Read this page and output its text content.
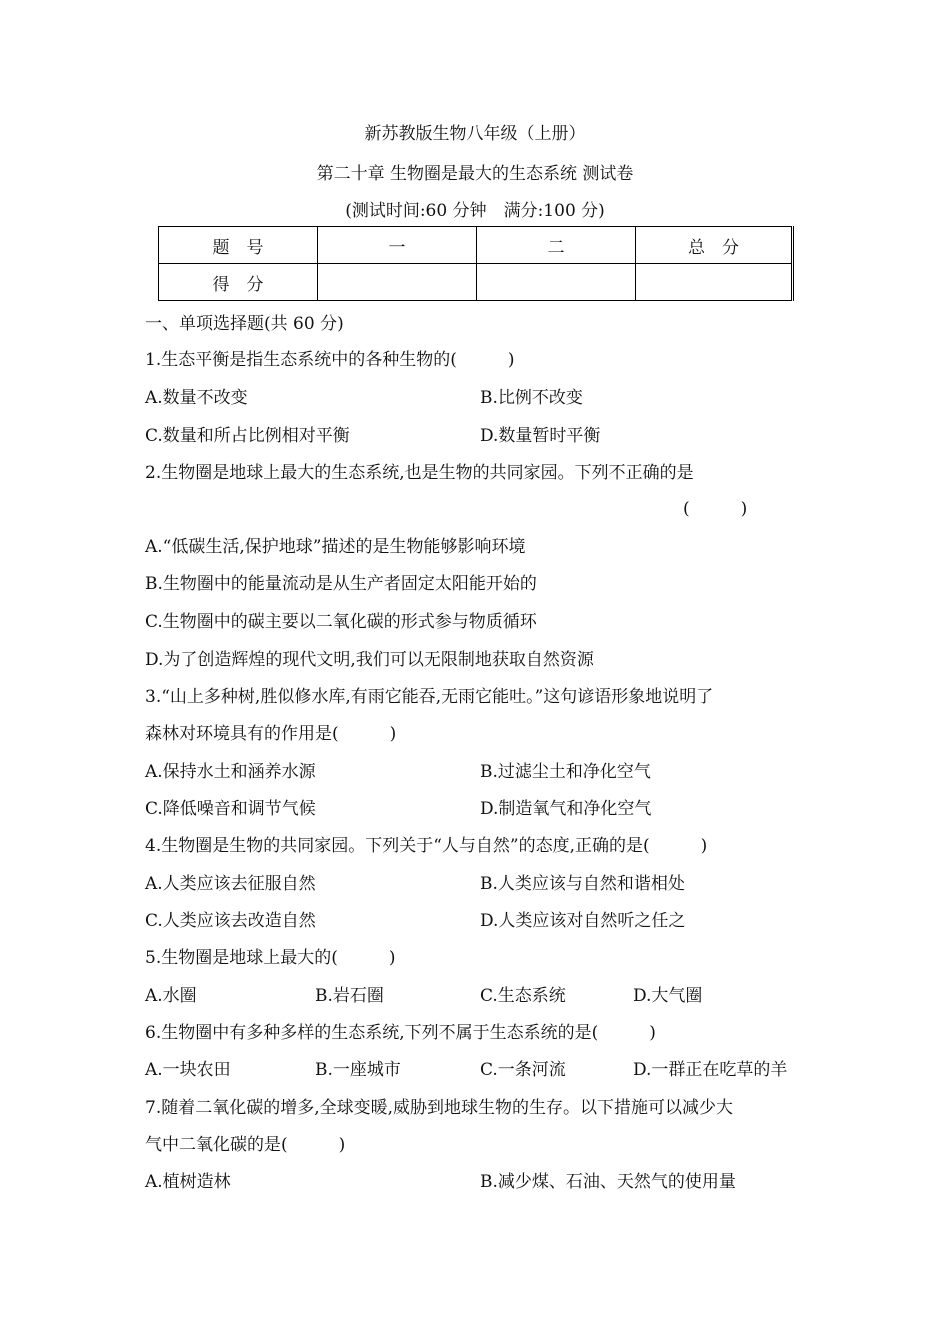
新苏教版生物八年级（上册）
第二十章 生物圈是最大的生态系统 测试卷
(测试时间:60 分钟　满分:100 分)
题　号	一	二	总　分
得　分			
一、单项选择题(共 60 分)
1.生态平衡是指生态系统中的各种生物的(　　　)
A.数量不改变	B.比例不改变
C.数量和所占比例相对平衡	D.数量暂时平衡
2.生物圈是地球上最大的生态系统,也是生物的共同家园。下列不正确的是
(　　　)
A.“低碳生活,保护地球”描述的是生物能够影响环境
B.生物圈中的能量流动是从生产者固定太阳能开始的
C.生物圈中的碳主要以二氧化碳的形式参与物质循环
D.为了创造辉煌的现代文明,我们可以无限制地获取自然资源
3.“山上多种树,胜似修水库,有雨它能吞,无雨它能吐。”这句谚语形象地说明了
森林对环境具有的作用是(　　　)
A.保持水土和涵养水源	B.过滤尘土和净化空气
C.降低噪音和调节气候	D.制造氧气和净化空气
4.生物圈是生物的共同家园。下列关于“人与自然”的态度,正确的是(　　　)
A.人类应该去征服自然	B.人类应该与自然和谐相处
C.人类应该去改造自然	D.人类应该对自然听之任之
5.生物圈是地球上最大的(　　　)
A.水圈	B.岩石圈	C.生态系统	D.大气圈
6.生物圈中有多种多样的生态系统,下列不属于生态系统的是(　　　)
A.一块农田	B.一座城市	C.一条河流	D.一群正在吃草的羊
7.随着二氧化碳的增多,全球变暖,威胁到地球生物的生存。以下措施可以减少大
气中二氧化碳的是(　　　)
A.植树造林	B.减少煤、石油、天然气的使用量
